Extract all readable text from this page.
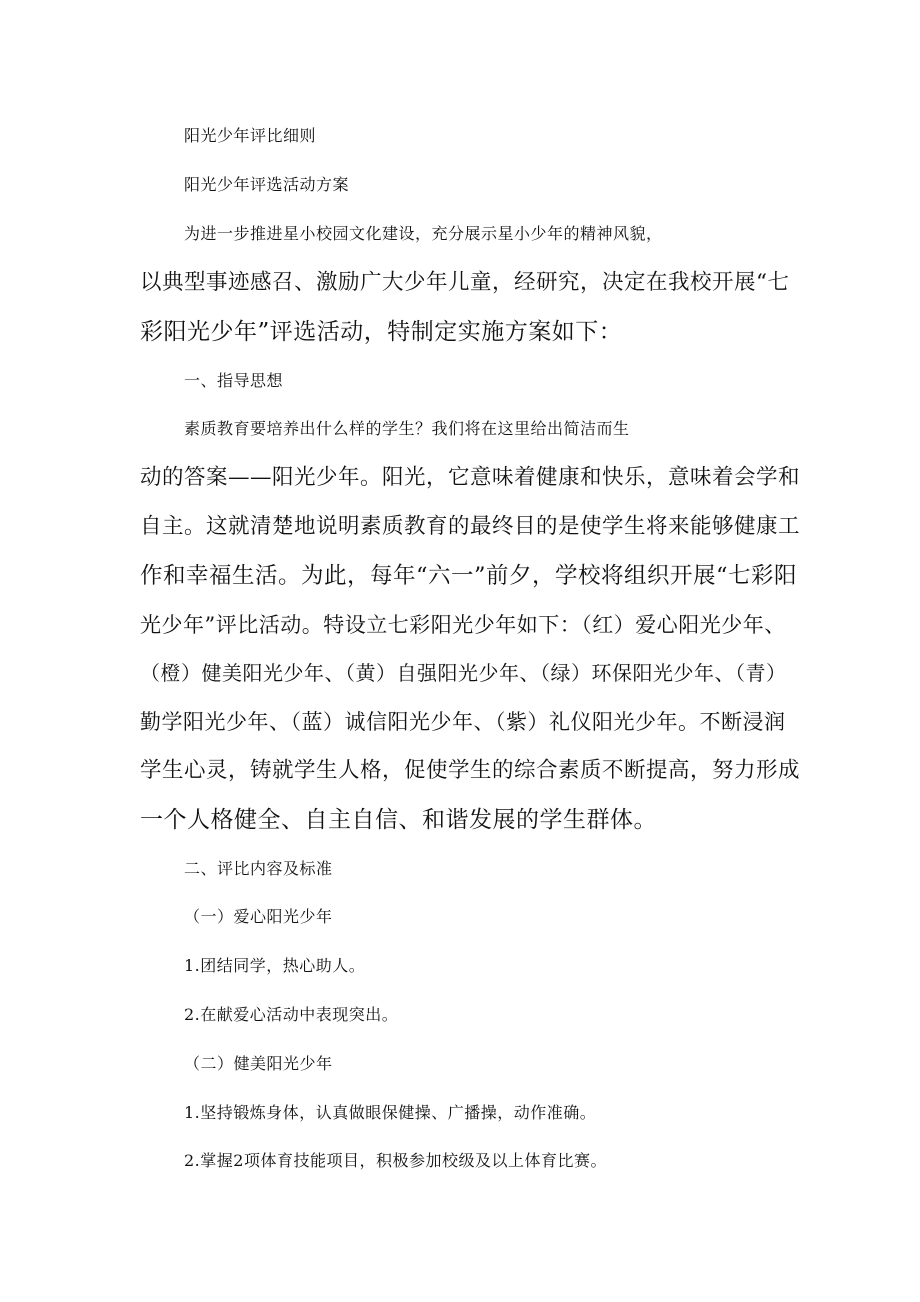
阳光少年评比细则
阳光少年评选活动方案
为进一步推进星小校园文化建设，充分展示星小少年的精神风貌，
以典型事迹感召、激励广大少年儿童，经研究，决定在我校开展“七
彩阳光少年”评选活动，特制定实施方案如下：
一、指导思想
素质教育要培养出什么样的学生？我们将在这里给出简洁而生
动的答案——阳光少年。阳光，它意味着健康和快乐，意味着会学和
自主。这就清楚地说明素质教育的最终目的是使学生将来能够健康工
作和幸福生活。为此，每年“六一”前夕，学校将组织开展“七彩阳
光少年”评比活动。特设立七彩阳光少年如下：（红）爱心阳光少年、
（橙）健美阳光少年、（黄）自强阳光少年、（绿）环保阳光少年、（青）
勤学阳光少年、（蓝）诚信阳光少年、（紫）礼仪阳光少年。不断浸润
学生心灵，铸就学生人格，促使学生的综合素质不断提高，努力形成
一个人格健全、自主自信、和谐发展的学生群体。
二、评比内容及标准
（一）爱心阳光少年
1.团结同学，热心助人。
2.在献爱心活动中表现突出。
（二）健美阳光少年
1.坚持锻炼身体，认真做眼保健操、广播操，动作准确。
2.掌握2项体育技能项目，积极参加校级及以上体育比赛。
